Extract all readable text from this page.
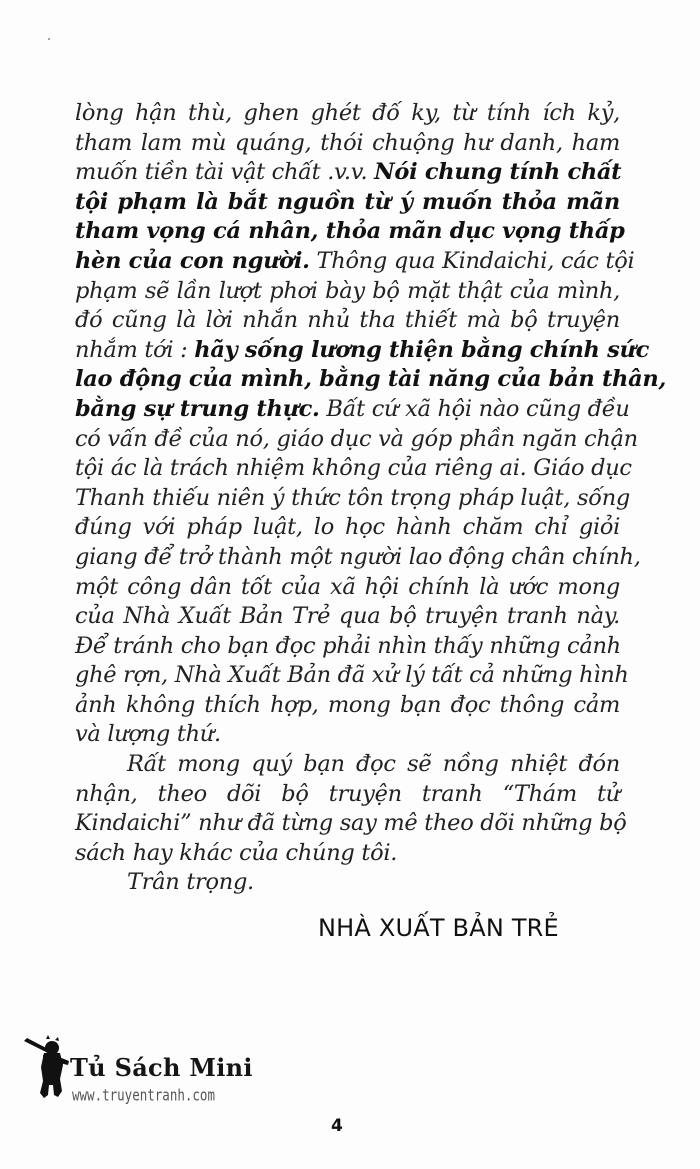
lòng hận thù, ghen ghét đố ky, từ tính ích kỷ,
tham lam mù quáng, thói chuộng hư danh, ham
muốn tiền tài vật chất .v.v. Nói chung tính chất
tội phạm là bắt nguồn từ ý muốn thỏa mãn
tham vọng cá nhân, thỏa mãn dục vọng thấp
hèn của con người. Thông qua Kindaichi, các tội
phạm sẽ lần lượt phơi bày bộ mặt thật của mình,
đó cũng là lời nhắn nhủ tha thiết mà bộ truyện
nhắm tới : hãy sống lương thiện bằng chính sức
lao động của mình, bằng tài năng của bản thân,
bằng sự trung thực. Bất cứ xã hội nào cũng đều
có vấn đề của nó, giáo dục và góp phần ngăn chận
tội ác là trách nhiệm không của riêng ai. Giáo dục
Thanh thiếu niên ý thức tôn trọng pháp luật, sống
đúng với pháp luật, lo học hành chăm chỉ giỏi
giang để trở thành một người lao động chân chính,
một công dân tốt của xã hội chính là ước mong
của Nhà Xuất Bản Trẻ qua bộ truyện tranh này.
Để tránh cho bạn đọc phải nhìn thấy những cảnh
ghê rợn, Nhà Xuất Bản đã xử lý tất cả những hình
ảnh không thích hợp, mong bạn đọc thông cảm
và lượng thứ.
Rất mong quý bạn đọc sẽ nồng nhiệt đón
nhận, theo dõi bộ truyện tranh “Thám tử
Kindaichi” như đã từng say mê theo dõi những bộ
sách hay khác của chúng tôi.
Trân trọng.
NHÀ XUẤT BẢN TRẺ
Tủ Sách Mini
www.truyentranh.com
4
